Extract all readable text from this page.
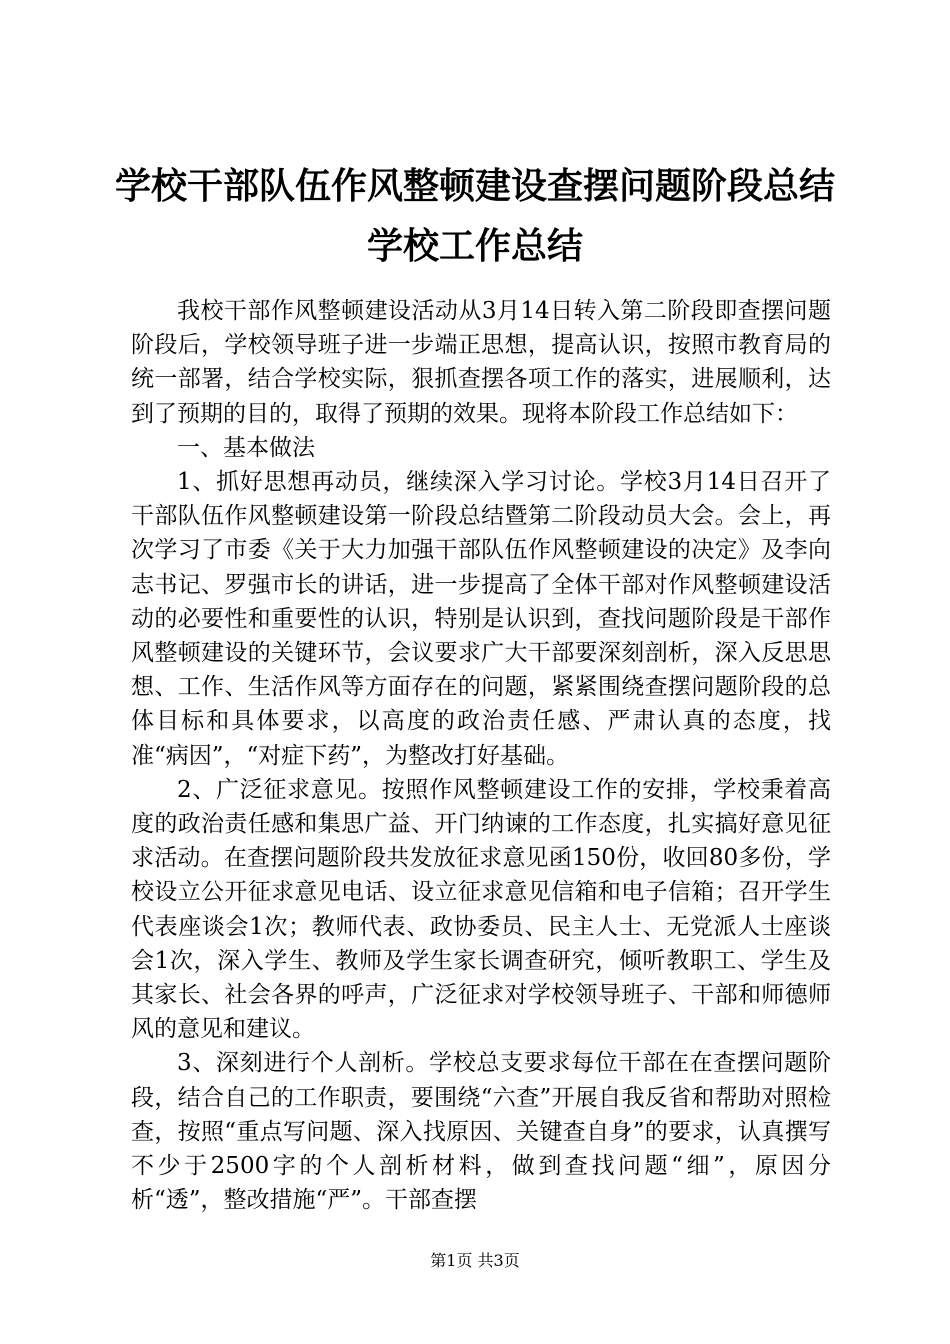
学校干部队伍作风整顿建设查摆问题阶段总结
学校工作总结

我校干部作风整顿建设活动从3月14日转入第二阶段即查摆问题阶段后，学校领导班子进一步端正思想，提高认识，按照市教育局的统一部署，结合学校实际，狠抓查摆各项工作的落实，进展顺利，达到了预期的目的，取得了预期的效果。现将本阶段工作总结如下：

一、基本做法

1、抓好思想再动员，继续深入学习讨论。学校3月14日召开了干部队伍作风整顿建设第一阶段总结暨第二阶段动员大会。会上，再次学习了市委《关于大力加强干部队伍作风整顿建设的决定》及李向志书记、罗强市长的讲话，进一步提高了全体干部对作风整顿建设活动的必要性和重要性的认识，特别是认识到，查找问题阶段是干部作风整顿建设的关键环节，会议要求广大干部要深刻剖析，深入反思思想、工作、生活作风等方面存在的问题，紧紧围绕查摆问题阶段的总体目标和具体要求，以高度的政治责任感、严肃认真的态度，找准“病因”，“对症下药”，为整改打好基础。

2、广泛征求意见。按照作风整顿建设工作的安排，学校秉着高度的政治责任感和集思广益、开门纳谏的工作态度，扎实搞好意见征求活动。在查摆问题阶段共发放征求意见函150份，收回80多份，学校设立公开征求意见电话、设立征求意见信箱和电子信箱；召开学生代表座谈会1次；教师代表、政协委员、民主人士、无党派人士座谈会1次，深入学生、教师及学生家长调查研究，倾听教职工、学生及其家长、社会各界的呼声，广泛征求对学校领导班子、干部和师德师风的意见和建议。

3、深刻进行个人剖析。学校总支要求每位干部在在查摆问题阶段，结合自己的工作职责，要围绕“六查”开展自我反省和帮助对照检查，按照“重点写问题、深入找原因、关键查自身”的要求，认真撰写不少于2500字的个人剖析材料，做到查找问题“细”，原因分析“透”，整改措施“严”。干部查摆

第1页 共3页
